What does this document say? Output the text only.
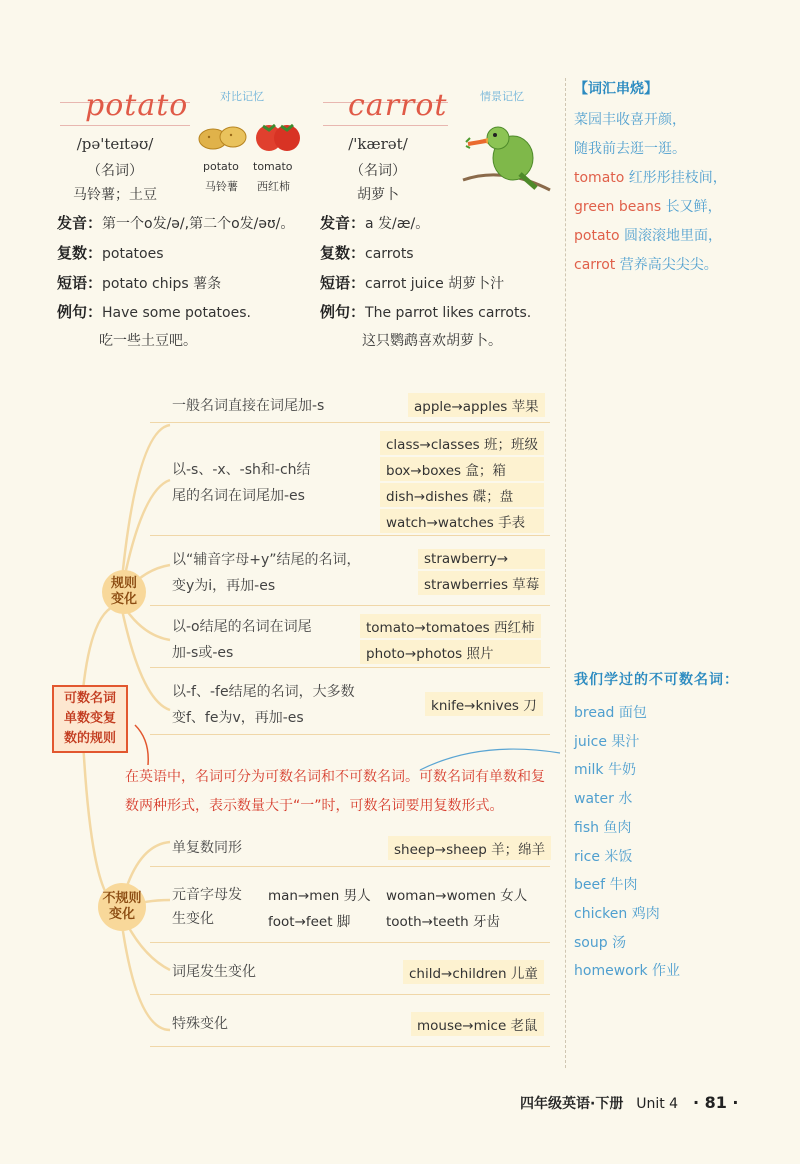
potato	对比记忆
/pə'teɪtəʊ/
（名词）
马铃薯；土豆
potato tomato
马铃薯 西红柿
发音：第一个o发/ə/,第二个o发/əʊ/。
复数：potatoes
短语：potato chips 薯条
例句：Have some potatoes.
吃一些土豆吧。
carrot	情景记忆
/'kærət/
（名词）
胡萝卜
发音：a 发/æ/。
复数：carrots
短语：carrot juice 胡萝卜汁
例句：The parrot likes carrots.
这只鹦鹉喜欢胡萝卜。
【词汇串烧】
菜园丰收喜开颜，
随我前去逛一逛。
tomato 红彤彤挂枝间，
green beans 长又鲜，
potato 圆滚滚地里面，
carrot 营养高尖尖尖。
我们学过的不可数名词：
bread 面包
juice 果汁
milk 牛奶
water 水
fish 鱼肉
rice 米饭
beef 牛肉
chicken 鸡肉
soup 汤
homework 作业
可数名词
单数变复
数的规则
规则变化
不规则变化
一般名词直接在词尾加-s	apple→apples 苹果
以-s、-x、-sh和-ch结尾的名词在词尾加-es
class→classes 班；班级
box→boxes 盒；箱
dish→dishes 碟；盘
watch→watches 手表
以“辅音字母+y”结尾的名词，变y为i，再加-es
strawberry→
strawberries 草莓
以-o结尾的名词在词尾加-s或-es
tomato→tomatoes 西红柿
photo→photos 照片
以-f、-fe结尾的名词，大多数变f、fe为v，再加-es
knife→knives 刀
在英语中，名词可分为可数名词和不可数名词。可数名词有单数和复数两种形式，表示数量大于“一”时，可数名词要用复数形式。
单复数同形	sheep→sheep 羊；绵羊
元音字母发生变化
man→men 男人	woman→women 女人
foot→feet 脚	tooth→teeth 牙齿
词尾发生变化	child→children 儿童
特殊变化	mouse→mice 老鼠
四年级英语·下册 Unit 4 · 81 ·
